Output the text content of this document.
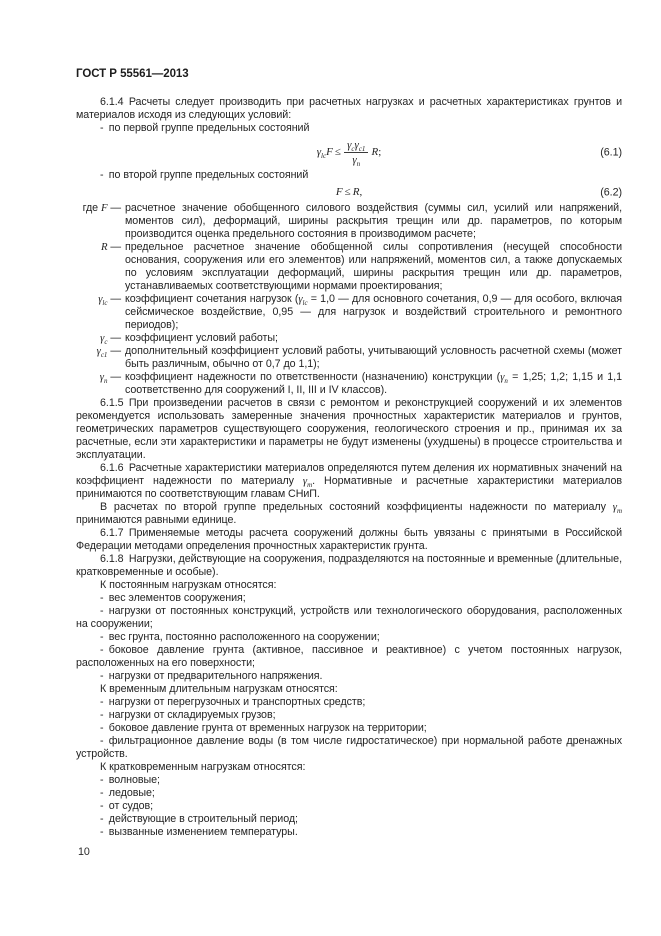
ГОСТ Р 55561—2013

6.1.4 Расчеты следует производить при расчетных нагрузках и расчетных характеристиках грунтов и материалов исходя из следующих условий:

- по первой группе предельных состояний

$\gamma_{lc}F \le \frac{\gamma_c\gamma_{c1}}{\gamma_n}$
  R;	(6.1)

- по второй группе предельных состояний

F ≤ R,	(6.2)
где F — расчетное значение обобщенного силового воздействия (суммы сил, усилий или напряжений, моментов сил), деформаций, ширины раскрытия трещин или др. параметров, по которым производится оценка предельного состояния в производимом расчете;
R — предельное расчетное значение обобщенной силы сопротивления (несущей способности основания, сооружения или его элементов) или напряжений, моментов сил, а также допускаемых по условиям эксплуатации деформаций, ширины раскрытия трещин или др. параметров, устанавливаемых соответствующими нормами проектирования;
$\gamma_{lc}$ — коэффициент сочетания нагрузок ($\gamma_{lc} = 1,0$ — для основного сочетания, 0,9 — для особого, включая сейсмическое воздействие, 0,95 — для нагрузок и воздействий строительного и ремонтного периодов);
$\gamma_c$ — коэффициент условий работы;
$\gamma_{c1}$ — дополнительный коэффициент условий работы, учитывающий условность расчетной схемы (может быть различным, обычно от 0,7 до 1,1);
$\gamma_n$ — коэффициент надежности по ответственности (назначению) конструкции ($\gamma_n = 1,25$; 1,2; 1,15 и 1,1 соответственно для сооружений I, II, III и IV классов).

6.1.5 При произведении расчетов в связи с ремонтом и реконструкцией сооружений и их элементов рекомендуется использовать замеренные значения прочностных характеристик материалов и грунтов, геометрических параметров существующего сооружения, геологического строения и пр., принимая их за расчетные, если эти характеристики и параметры не будут изменены (ухудшены) в процессе строительства и эксплуатации.

6.1.6 Расчетные характеристики материалов определяются путем деления их нормативных значений на коэффициент надежности по материалу $\gamma_m$. Нормативные и расчетные характеристики материалов принимаются по соответствующим главам СНиП.

В расчетах по второй группе предельных состояний коэффициенты надежности по материалу $\gamma_m$ принимаются равными единице.

6.1.7 Применяемые методы расчета сооружений должны быть увязаны с принятыми в Российской Федерации методами определения прочностных характеристик грунта.

6.1.8 Нагрузки, действующие на сооружения, подразделяются на постоянные и временные (длительные, кратковременные и особые).

К постоянным нагрузкам относятся:

- вес элементов сооружения;

- нагрузки от постоянных конструкций, устройств или технологического оборудования, расположенных на сооружении;

- вес грунта, постоянно расположенного на сооружении;

- боковое давление грунта (активное, пассивное и реактивное) с учетом постоянных нагрузок, расположенных на его поверхности;

- нагрузки от предварительного напряжения.

К временным длительным нагрузкам относятся:

- нагрузки от перегрузочных и транспортных средств;

- нагрузки от складируемых грузов;

- боковое давление грунта от временных нагрузок на территории;

- фильтрационное давление воды (в том числе гидростатическое) при нормальной работе дренажных устройств.

К кратковременным нагрузкам относятся:

- волновые;

- ледовые;

- от судов;

- действующие в строительный период;

- вызванные изменением температуры.

10
